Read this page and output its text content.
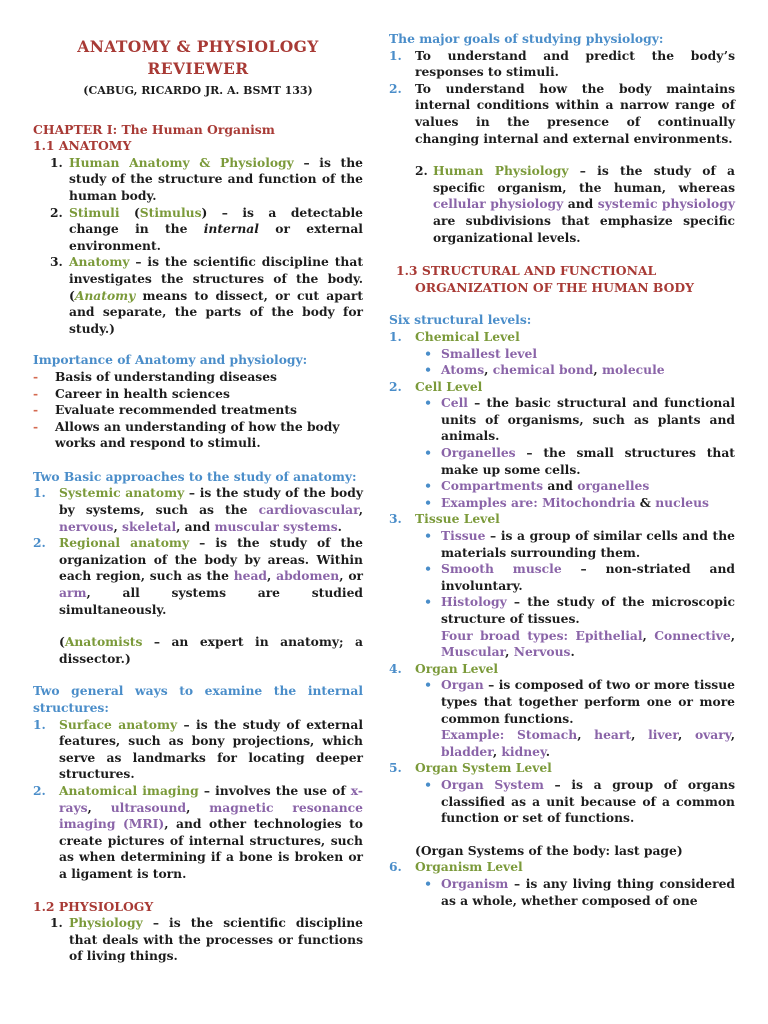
ANATOMY & PHYSIOLOGY
REVIEWER
(CABUG, RICARDO JR. A. BSMT 133)
CHAPTER I: The Human Organism
1.1 ANATOMY
1. Human Anatomy & Physiology – is the study of the structure and function of the human body.
2. Stimuli (Stimulus) – is a detectable change in the internal or external environment.
3. Anatomy – is the scientific discipline that investigates the structures of the body. (Anatomy means to dissect, or cut apart and separate, the parts of the body for study.)
Importance of Anatomy and physiology:
-	Basis of understanding diseases
-	Career in health sciences
-	Evaluate recommended treatments
-	Allows an understanding of how the body works and respond to stimuli.
Two Basic approaches to the study of anatomy:
1.	Systemic anatomy – is the study of the body by systems, such as the cardiovascular, nervous, skeletal, and muscular systems.
2.	Regional anatomy – is the study of the organization of the body by areas. Within each region, such as the head, abdomen, or arm, all systems are studied simultaneously.
(Anatomists – an expert in anatomy; a dissector.)
Two general ways to examine the internal structures:
1.	Surface anatomy – is the study of external features, such as bony projections, which serve as landmarks for locating deeper structures.
2.	Anatomical imaging – involves the use of x-rays, ultrasound, magnetic resonance imaging (MRI), and other technologies to create pictures of internal structures, such as when determining if a bone is broken or a ligament is torn.
1.2 PHYSIOLOGY
1. Physiology – is the scientific discipline that deals with the processes or functions of living things.
The major goals of studying physiology:
1.	To understand and predict the body’s responses to stimuli.
2.	To understand how the body maintains internal conditions within a narrow range of values in the presence of continually changing internal and external environments.
2. Human Physiology – is the study of a specific organism, the human, whereas cellular physiology and systemic physiology are subdivisions that emphasize specific organizational levels.
1.3 STRUCTURAL AND FUNCTIONAL
ORGANIZATION OF THE HUMAN BODY
Six structural levels:
1.	Chemical Level
• Smallest level
• Atoms, chemical bond, molecule
2.	Cell Level
• Cell – the basic structural and functional units of organisms, such as plants and animals.
• Organelles – the small structures that make up some cells.
• Compartments and organelles
• Examples are: Mitochondria & nucleus
3.	Tissue Level
• Tissue – is a group of similar cells and the materials surrounding them.
• Smooth muscle – non-striated and involuntary.
• Histology – the study of the microscopic structure of tissues.
Four broad types: Epithelial, Connective, Muscular, Nervous.
4.	Organ Level
• Organ – is composed of two or more tissue types that together perform one or more common functions.
Example: Stomach, heart, liver, ovary, bladder, kidney.
5.	Organ System Level
• Organ System – is a group of organs classified as a unit because of a common function or set of functions.
(Organ Systems of the body: last page)
6.	Organism Level
• Organism – is any living thing considered as a whole, whether composed of one
